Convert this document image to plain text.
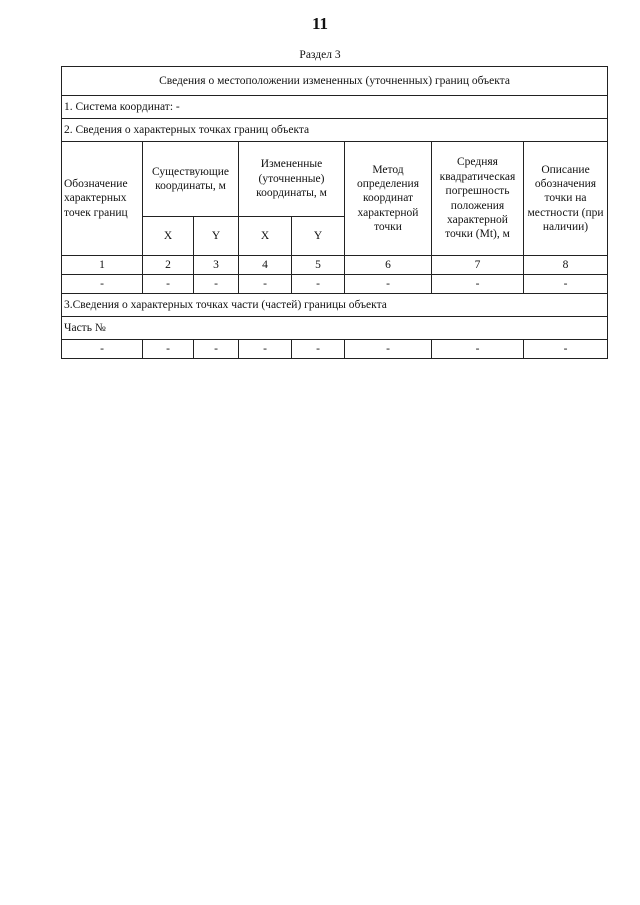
11
Раздел 3
Сведения о местоположении измененных (уточненных) границ объекта							
1. Система координат: -							
2. Сведения о характерных точках границ объекта							
Обозначение характерных точек границ	Существующие координаты, м		Измененные (уточненные) координаты, м		Метод определения координат характерной точки	Средняя квадратическая погрешность положения характерной точки (Mt), м	Описание обозначения точки на местности (при наличии)
	X	Y	X	Y			
1	2	3	4	5	6	7	8
-	-	-	-	-	-	-	-
3.Сведения о характерных точках части (частей) границы объекта							
Часть №							
-	-	-	-	-	-	-	-
